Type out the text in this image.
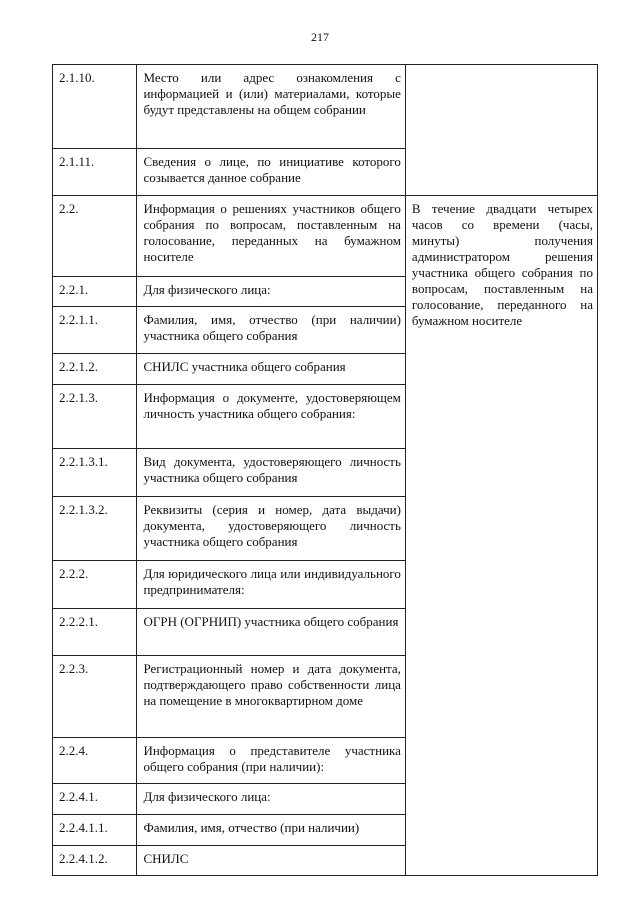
217
2.1.10.	Место или адрес ознакомления с информацией и (или) материалами, которые будут представлены на общем собрании	
2.1.11.	Сведения о лице, по инициативе которого созывается данное собрание	
2.2.	Информация о решениях участников общего собрания по вопросам, поставленным на голосование, переданных на бумажном носителе	В течение двадцати четырех часов со времени (часы, минуты) получения администратором решения участника общего собрания по вопросам, поставленным на голосование, переданного на бумажном носителе
2.2.1.	Для физического лица:	
2.2.1.1.	Фамилия, имя, отчество (при наличии) участника общего собрания	
2.2.1.2.	СНИЛС участника общего собрания	
2.2.1.3.	Информация о документе, удостоверяющем личность участника общего собрания:	
2.2.1.3.1.	Вид документа, удостоверяющего личность участника общего собрания	
2.2.1.3.2.	Реквизиты (серия и номер, дата выдачи) документа, удостоверяющего личность участника общего собрания	
2.2.2.	Для юридического лица или индивидуального предпринимателя:	
2.2.2.1.	ОГРН (ОГРНИП) участника общего собрания	
2.2.3.	Регистрационный номер и дата документа, подтверждающего право собственности лица на помещение в многоквартирном доме	
2.2.4.	Информация о представителе участника общего собрания (при наличии):	
2.2.4.1.	Для физического лица:	
2.2.4.1.1.	Фамилия, имя, отчество (при наличии)	
2.2.4.1.2.	СНИЛС	
